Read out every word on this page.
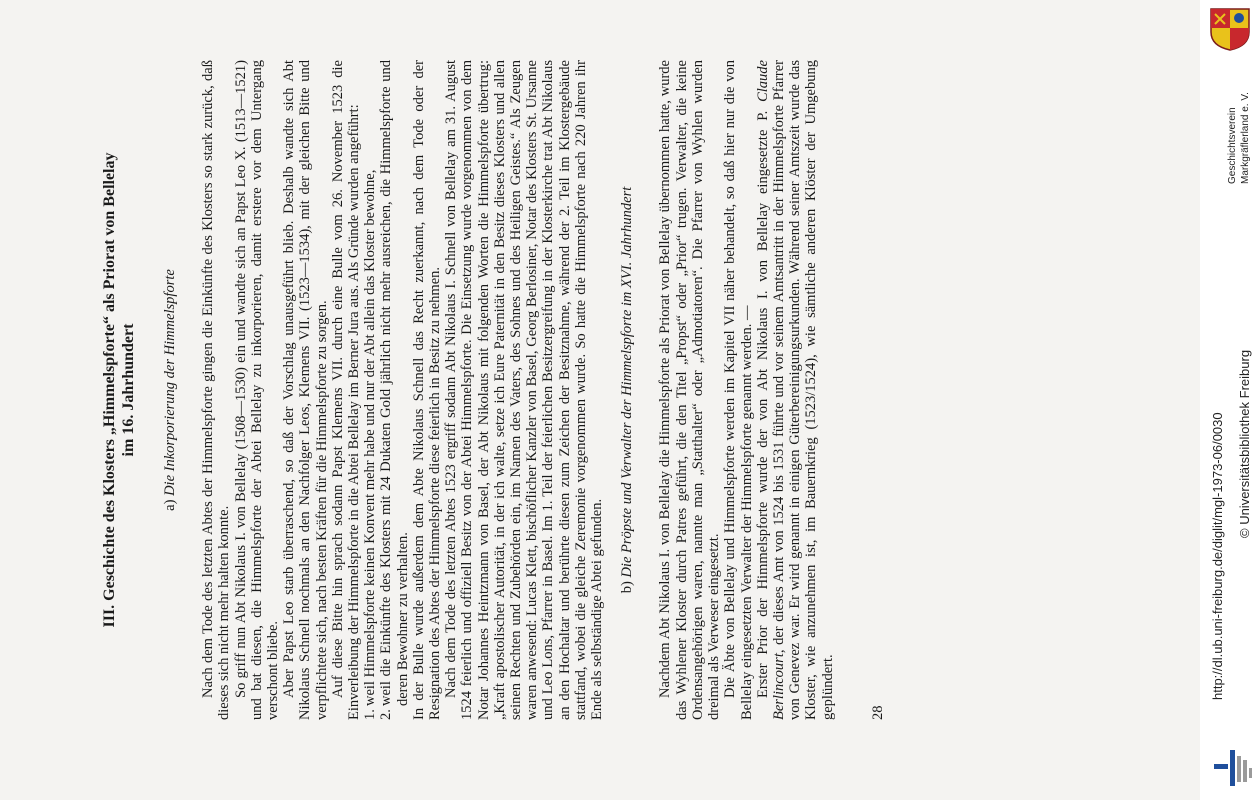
III. Geschichte des Klosters „Himmelspforte“ als Priorat von Bellelay im 16. Jahrhundert
a) Die Inkorporierung der Himmelspforte Nach dem Tode des letzten Abtes der Himmelspforte gingen die Einkünfte des Klosters so stark zurück, daß dieses sich nicht mehr halten konnte. So griff nun Abt Nikolaus I. von Bellelay (1508—1530) ein und wandte sich an Papst Leo X. (1513—1521) und bat diesen, die Himmelspforte der Abtei Bellelay zu inkorporieren, damit erstere vor dem Untergang verschont bliebe. Aber Papst Leo starb überraschend, so daß der Vorschlag unausgeführt blieb. Deshalb wandte sich Abt Nikolaus Schnell nochmals an den Nachfolger Leos, Klemens VII. (1523—1534), mit der gleichen Bitte und verpflichtete sich, nach besten Kräften für die Himmelspforte zu sorgen. Auf diese Bitte hin sprach sodann Papst Klemens VII. durch eine Bulle vom 26. November 1523 die Einverleibung der Himmelspforte in die Abtei Bellelay im Berner Jura aus. Als Gründe wurden angeführt: 1.
weil Himmelspforte keinen Konvent mehr habe und nur der Abt allein das Kloster bewohne,
2.
weil die Einkünfte des Klosters mit 24 Dukaten Gold jährlich nicht mehr ausreichen, die Himmelspforte und deren Bewohner zu verhalten. In der Bulle wurde außerdem dem Abte Nikolaus Schnell das Recht zuerkannt, nach dem Tode oder der Resignation des Abtes der Himmelspforte diese feierlich in Besitz zu nehmen. Nach dem Tode des letzten Abtes 1523 ergriff sodann Abt Nikolaus I. Schnell von Bellelay am 31. August 1524 feierlich und offiziell Besitz von der Abtei Himmelspforte. Die Einsetzung wurde vorgenommen von dem Notar Johannes Heintzmann von Basel, der Abt Nikolaus mit folgenden Worten die Himmelspforte übertrug: „Kraft apostolischer Autorität, in der ich walte, setze ich Eure Paternität in den Besitz dieses Klosters und allen seinen Rechten und Zubehörden ein, im Namen des Vaters, des Sohnes und des Heiligen Geistes.“ Als Zeugen waren anwesend: Lucas Klett, bischöflicher Kanzler von Basel, Georg Berlosiner, Notar des Klosters St. Ursanne und Leo Lons, Pfarrer in Basel. Im 1. Teil der feierlichen Besitzergreifung in der Klosterkirche trat Abt Nikolaus an den Hochaltar und berührte diesen zum Zeichen der Besitznahme, während der 2. Teil im Klostergebäude stattfand, wobei die gleiche Zeremonie vorgenommen wurde. So hatte die Himmelspforte nach 220 Jahren ihr Ende als selbständige Abtei gefunden. b) Die Pröpste und Verwalter der Himmelspforte im XVI. Jahrhundert Nachdem Abt Nikolaus I. von Bellelay die Himmelspforte als Priorat von Bellelay übernommen hatte, wurde das Wyhlener Kloster durch Patres geführt, die den Titel „Propst“ oder „Prior“ trugen. Verwalter, die keine Ordensangehörigen waren, nannte man „Statthalter“ oder „Admotiatoren“. Die Pfarrer von Wyhlen wurden dreimal als Verweser eingesetzt. Die Äbte von Bellelay und Himmelspforte werden im Kapitel VII näher behandelt, so daß hier nur die von Bellelay eingesetzten Verwalter der Himmelspforte genannt werden. — Erster Prior der Himmelspforte wurde der von Abt Nikolaus I. von Bellelay eingesetzte P. Claude Berlincourt, der dieses Amt von 1524 bis 1531 führte und vor seinem Amtsantritt in der Himmelspforte Pfarrer von Genevez war. Er wird genannt in einigen Güterbereinigungsurkunden. Während seiner Amtszeit wurde das Kloster, wie anzunehmen ist, im Bauernkrieg (1523/1524), wie sämtliche anderen Klöster der Umgebung geplündert. 28
Geschichtsverein Markgräflerland e. V.
http://dl.ub.uni-freiburg.de/diglit/mgl-1973-06/0030 © Universitätsbibliothek Freiburg
